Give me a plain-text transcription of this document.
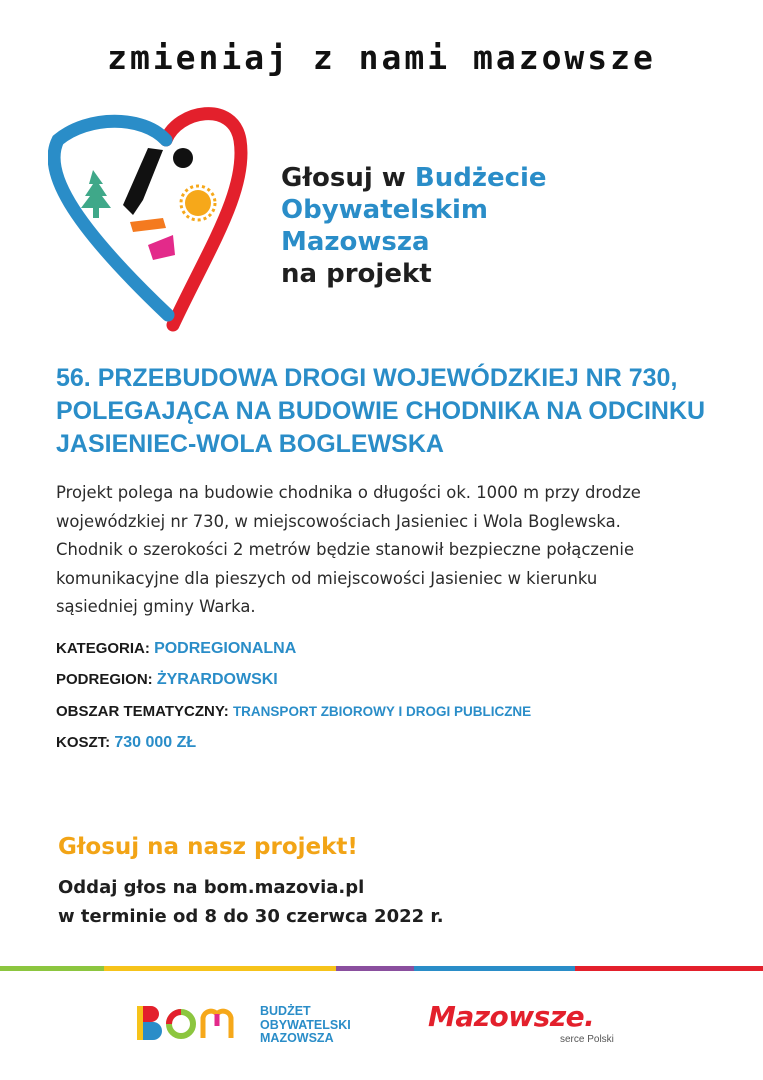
zmieniaj z nami mazowsze
Głosuj w Budżecie
Obywatelskim
Mazowsza
na projekt
56. PRZEBUDOWA DROGI WOJEWÓDZKIEJ NR 730,
POLEGAJĄCA NA BUDOWIE CHODNIKA NA ODCINKU
JASIENIEC-WOLA BOGLEWSKA
Projekt polega na budowie chodnika o długości ok. 1000 m przy drodze
wojewódzkiej nr 730, w miejscowościach Jasieniec i Wola Boglewska.
Chodnik o szerokości 2 metrów będzie stanowił bezpieczne połączenie
komunikacyjne dla pieszych od miejscowości Jasieniec w kierunku
sąsiedniej gminy Warka.
KATEGORIA: PODREGIONALNA
PODREGION: ŻYRARDOWSKI
OBSZAR TEMATYCZNY: TRANSPORT ZBIOROWY I DROGI PUBLICZNE
KOSZT: 730 000 ZŁ
Głosuj na nasz projekt!
Oddaj głos na bom.mazovia.pl
w terminie od 8 do 30 czerwca 2022 r.
BUDŻET
OBYWATELSKI
MAZOWSZA
Mazowsze.
serce Polski
